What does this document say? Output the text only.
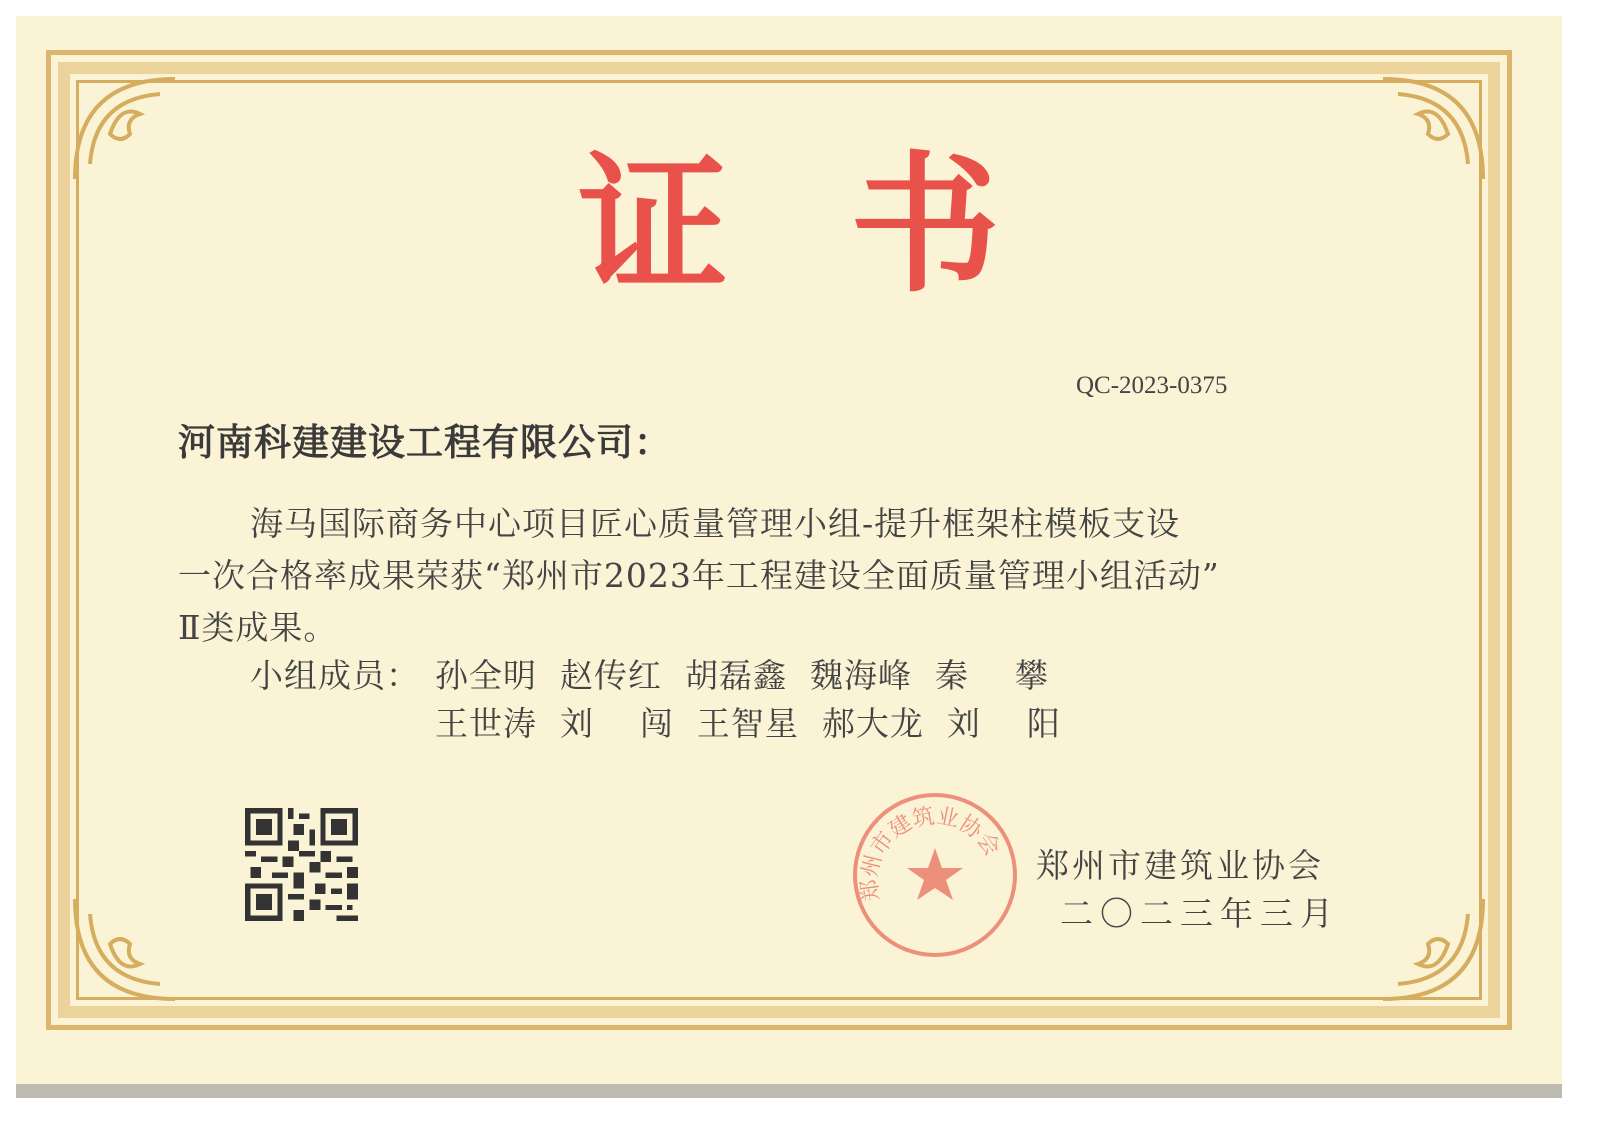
证 书
QC-2023-0375
河南科建建设工程有限公司：
海马国际商务中心项目匠心质量管理小组-提升框架柱模板支设
一次合格率成果荣获“郑州市2023年工程建设全面质量管理小组活动”
Ⅱ类成果。
小组成员： 孙全明  赵传红  胡磊鑫  魏海峰  秦    攀
王世涛  刘    闯  王智星  郝大龙  刘    阳
郑州市建筑业协会
郑州市建筑业协会
二〇二三年三月
